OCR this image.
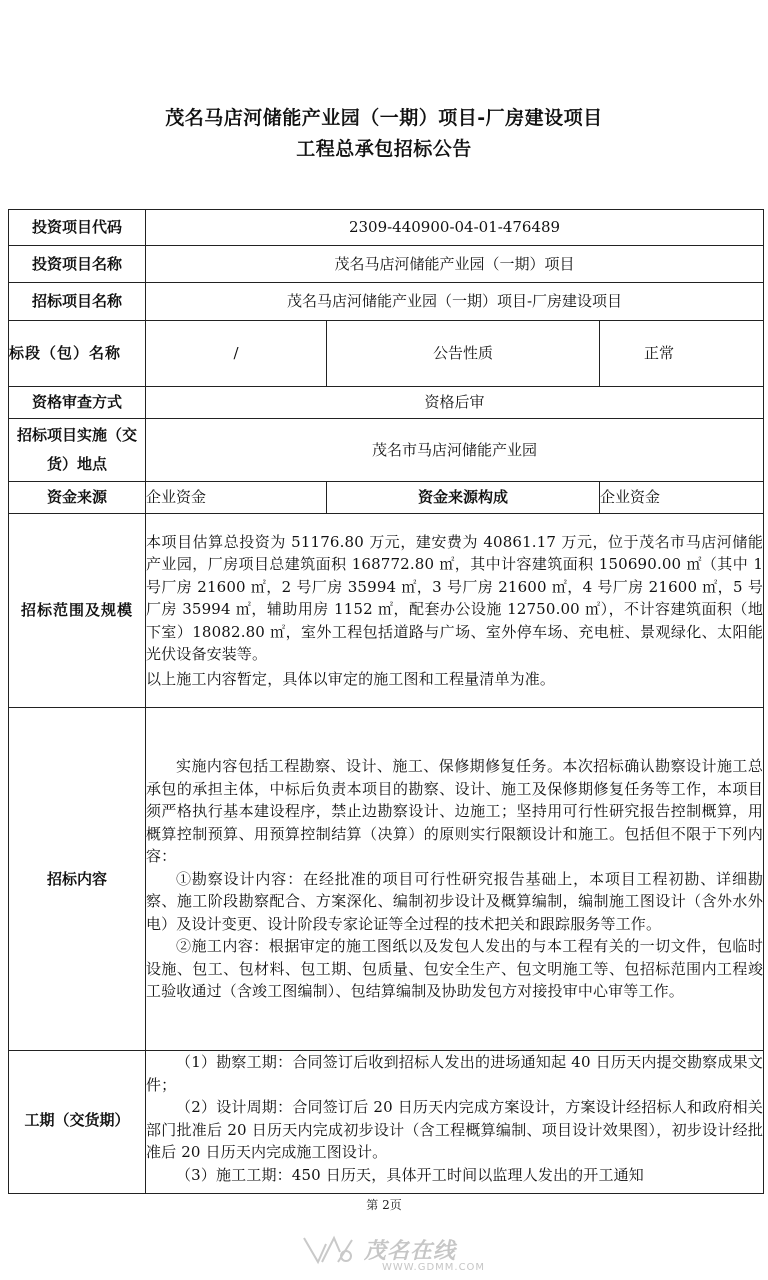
茂名马店河储能产业园（一期）项目-厂房建设项目
工程总承包招标公告
投资项目代码	2309-440900-04-01-476489		
投资项目名称	茂名马店河储能产业园（一期）项目		
招标项目名称	茂名马店河储能产业园（一期）项目-厂房建设项目		
标段（包）名称	/	公告性质	正常
资格审查方式	资格后审		
招标项目实施（交货）地点	茂名市马店河储能产业园		
资金来源	企业资金	资金来源构成	企业资金
招标范围及规模	本项目估算总投资为 51176.80 万元，建安费为 40861.17 万元，位于茂名市马店河储能产业园，厂房项目总建筑面积 168772.80 ㎡，其中计容建筑面积 150690.00 ㎡（其中 1 号厂房 21600 ㎡，2 号厂房 35994 ㎡，3 号厂房 21600 ㎡，4 号厂房 21600 ㎡，5 号厂房 35994 ㎡，辅助用房 1152 ㎡，配套办公设施 12750.00 ㎡），不计容建筑面积（地下室）18082.80 ㎡，室外工程包括道路与广场、室外停车场、充电桩、景观绿化、太阳能光伏设备安装等。
以上施工内容暂定，具体以审定的施工图和工程量清单为准。		

招标内容	实施内容包括工程勘察、设计、施工、保修期修复任务。本次招标确认勘察设计施工总承包的承担主体，中标后负责本项目的勘察、设计、施工及保修期修复任务等工作，本项目须严格执行基本建设程序，禁止边勘察设计、边施工；坚持用可行性研究报告控制概算，用概算控制预算、用预算控制结算（决算）的原则实行限额设计和施工。包括但不限于下列内容：
①勘察设计内容：在经批准的项目可行性研究报告基础上，本项目工程初勘、详细勘察、施工阶段勘察配合、方案深化、编制初步设计及概算编制，编制施工图设计（含外水外电）及设计变更、设计阶段专家论证等全过程的技术把关和跟踪服务等工作。
②施工内容：根据审定的施工图纸以及发包人发出的与本工程有关的一切文件，包临时设施、包工、包材料、包工期、包质量、包安全生产、包文明施工等、包招标范围内工程竣工验收通过（含竣工图编制）、包结算编制及协助发包方对接投审中心审等工作。		

工期（交货期）	（1）勘察工期：合同签订后收到招标人发出的进场通知起 40 日历天内提交勘察成果文件；
（2）设计周期：合同签订后 20 日历天内完成方案设计，方案设计经招标人和政府相关部门批准后 20 日历天内完成初步设计（含工程概算编制、项目设计效果图），初步设计经批准后 20 日历天内完成施工图设计。
（3）施工工期：450 日历天，具体开工时间以监理人发出的开工通知		
第 2页
茂名在线
WWW.GDMM.COM
